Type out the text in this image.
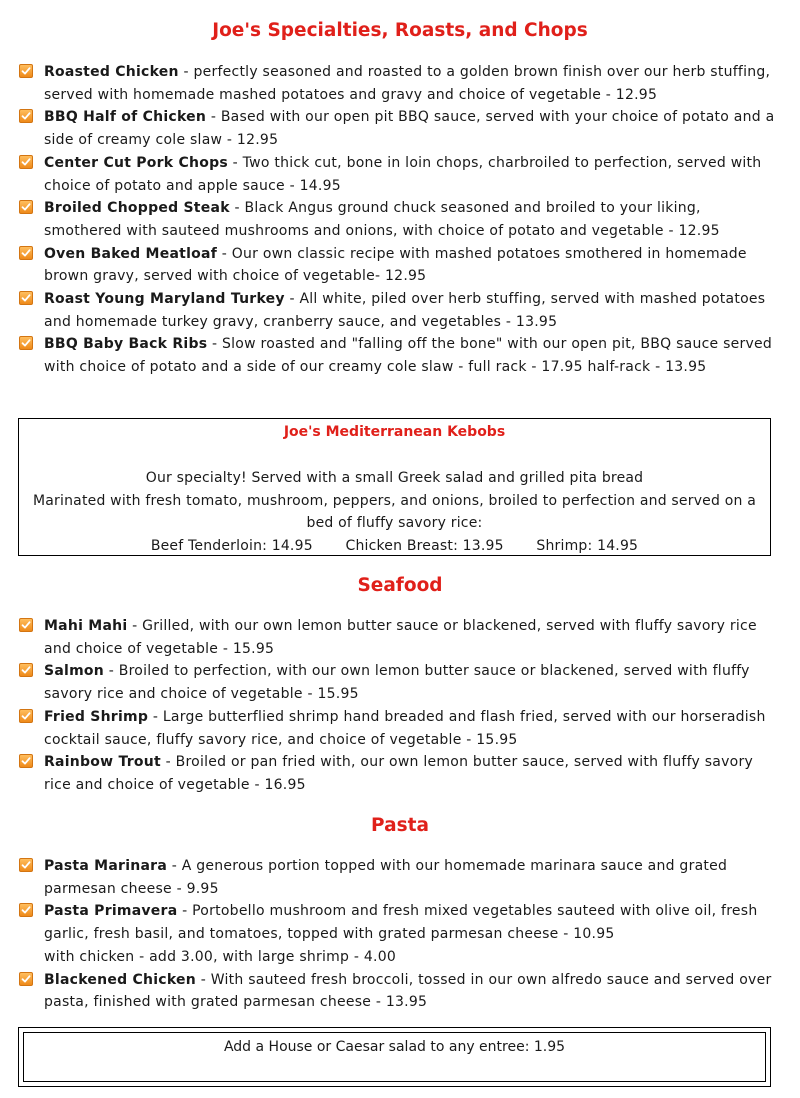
Joe's Specialties, Roasts, and Chops
Roasted Chicken - perfectly seasoned and roasted to a golden brown finish over our herb stuffing, served with homemade mashed potatoes and gravy and choice of vegetable - 12.95
BBQ Half of Chicken - Based with our open pit BBQ sauce, served with your choice of potato and a side of creamy cole slaw - 12.95
Center Cut Pork Chops - Two thick cut, bone in loin chops, charbroiled to perfection, served with choice of potato and apple sauce - 14.95
Broiled Chopped Steak - Black Angus ground chuck seasoned and broiled to your liking, smothered with sauteed mushrooms and onions, with choice of potato and vegetable - 12.95
Oven Baked Meatloaf - Our own classic recipe with mashed potatoes smothered in homemade brown gravy, served with choice of vegetable- 12.95
Roast Young Maryland Turkey - All white, piled over herb stuffing, served with mashed potatoes and homemade turkey gravy, cranberry sauce, and vegetables - 13.95
BBQ Baby Back Ribs - Slow roasted and "falling off the bone" with our open pit, BBQ sauce served with choice of potato and a side of our creamy cole slaw - full rack - 17.95 half-rack - 13.95
Joe's Mediterranean Kebobs

Our specialty! Served with a small Greek salad and grilled pita bread

Marinated with fresh tomato, mushroom, peppers, and onions, broiled to perfection and served on a bed of fluffy savory rice:

Beef Tenderloin: 14.95 Chicken Breast: 13.95 Shrimp: 14.95

Seafood
Mahi Mahi - Grilled, with our own lemon butter sauce or blackened, served with fluffy savory rice and choice of vegetable - 15.95
Salmon - Broiled to perfection, with our own lemon butter sauce or blackened, served with fluffy savory rice and choice of vegetable - 15.95
Fried Shrimp - Large butterflied shrimp hand breaded and flash fried, served with our horseradish cocktail sauce, fluffy savory rice, and choice of vegetable - 15.95
Rainbow Trout - Broiled or pan fried with, our own lemon butter sauce, served with fluffy savory rice and choice of vegetable - 16.95
Pasta
Pasta Marinara - A generous portion topped with our homemade marinara sauce and grated parmesan cheese - 9.95
Pasta Primavera - Portobello mushroom and fresh mixed vegetables sauteed with olive oil, fresh garlic, fresh basil, and tomatoes, topped with grated parmesan cheese - 10.95
with chicken - add 3.00, with large shrimp - 4.00
Blackened Chicken - With sauteed fresh broccoli, tossed in our own alfredo sauce and served over pasta, finished with grated parmesan cheese - 13.95
Add a House or Caesar salad to any entree: 1.95
